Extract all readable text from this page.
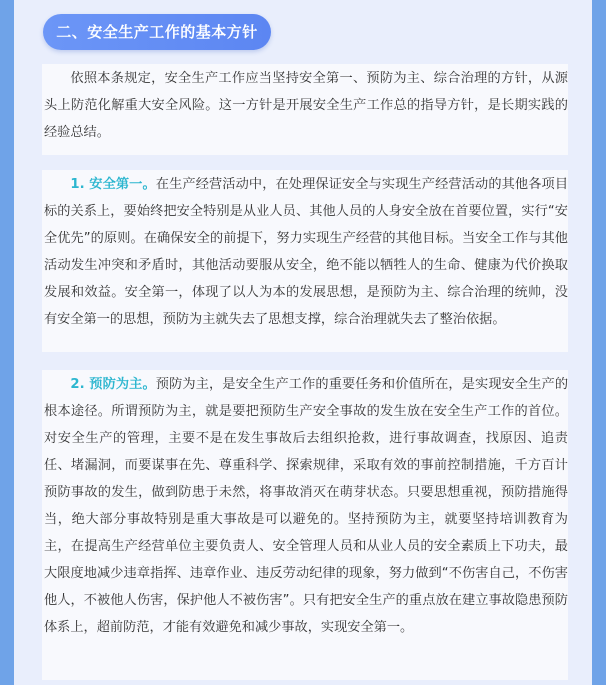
二、安全生产工作的基本方针

依照本条规定，安全生产工作应当坚持安全第一、预防为主、综合治理的方针，从源头上防范化解重大安全风险。这一方针是开展安全生产工作总的指导方针，是长期实践的经验总结。

1. 安全第一。在生产经营活动中，在处理保证安全与实现生产经营活动的其他各项目标的关系上，要始终把安全特别是从业人员、其他人员的人身安全放在首要位置，实行“安全优先”的原则。在确保安全的前提下，努力实现生产经营的其他目标。当安全工作与其他活动发生冲突和矛盾时，其他活动要服从安全，绝不能以牺牲人的生命、健康为代价换取发展和效益。安全第一，体现了以人为本的发展思想，是预防为主、综合治理的统帅，没有安全第一的思想，预防为主就失去了思想支撑，综合治理就失去了整治依据。

2. 预防为主。预防为主，是安全生产工作的重要任务和价值所在，是实现安全生产的根本途径。所谓预防为主，就是要把预防生产安全事故的发生放在安全生产工作的首位。对安全生产的管理，主要不是在发生事故后去组织抢救，进行事故调查，找原因、追责任、堵漏洞，而要谋事在先、尊重科学、探索规律，采取有效的事前控制措施，千方百计预防事故的发生，做到防患于未然，将事故消灭在萌芽状态。只要思想重视，预防措施得当，绝大部分事故特别是重大事故是可以避免的。坚持预防为主，就要坚持培训教育为主，在提高生产经营单位主要负责人、安全管理人员和从业人员的安全素质上下功夫，最大限度地减少违章指挥、违章作业、违反劳动纪律的现象，努力做到“不伤害自己，不伤害他人，不被他人伤害，保护他人不被伤害”。只有把安全生产的重点放在建立事故隐患预防体系上，超前防范，才能有效避免和减少事故，实现安全第一。
